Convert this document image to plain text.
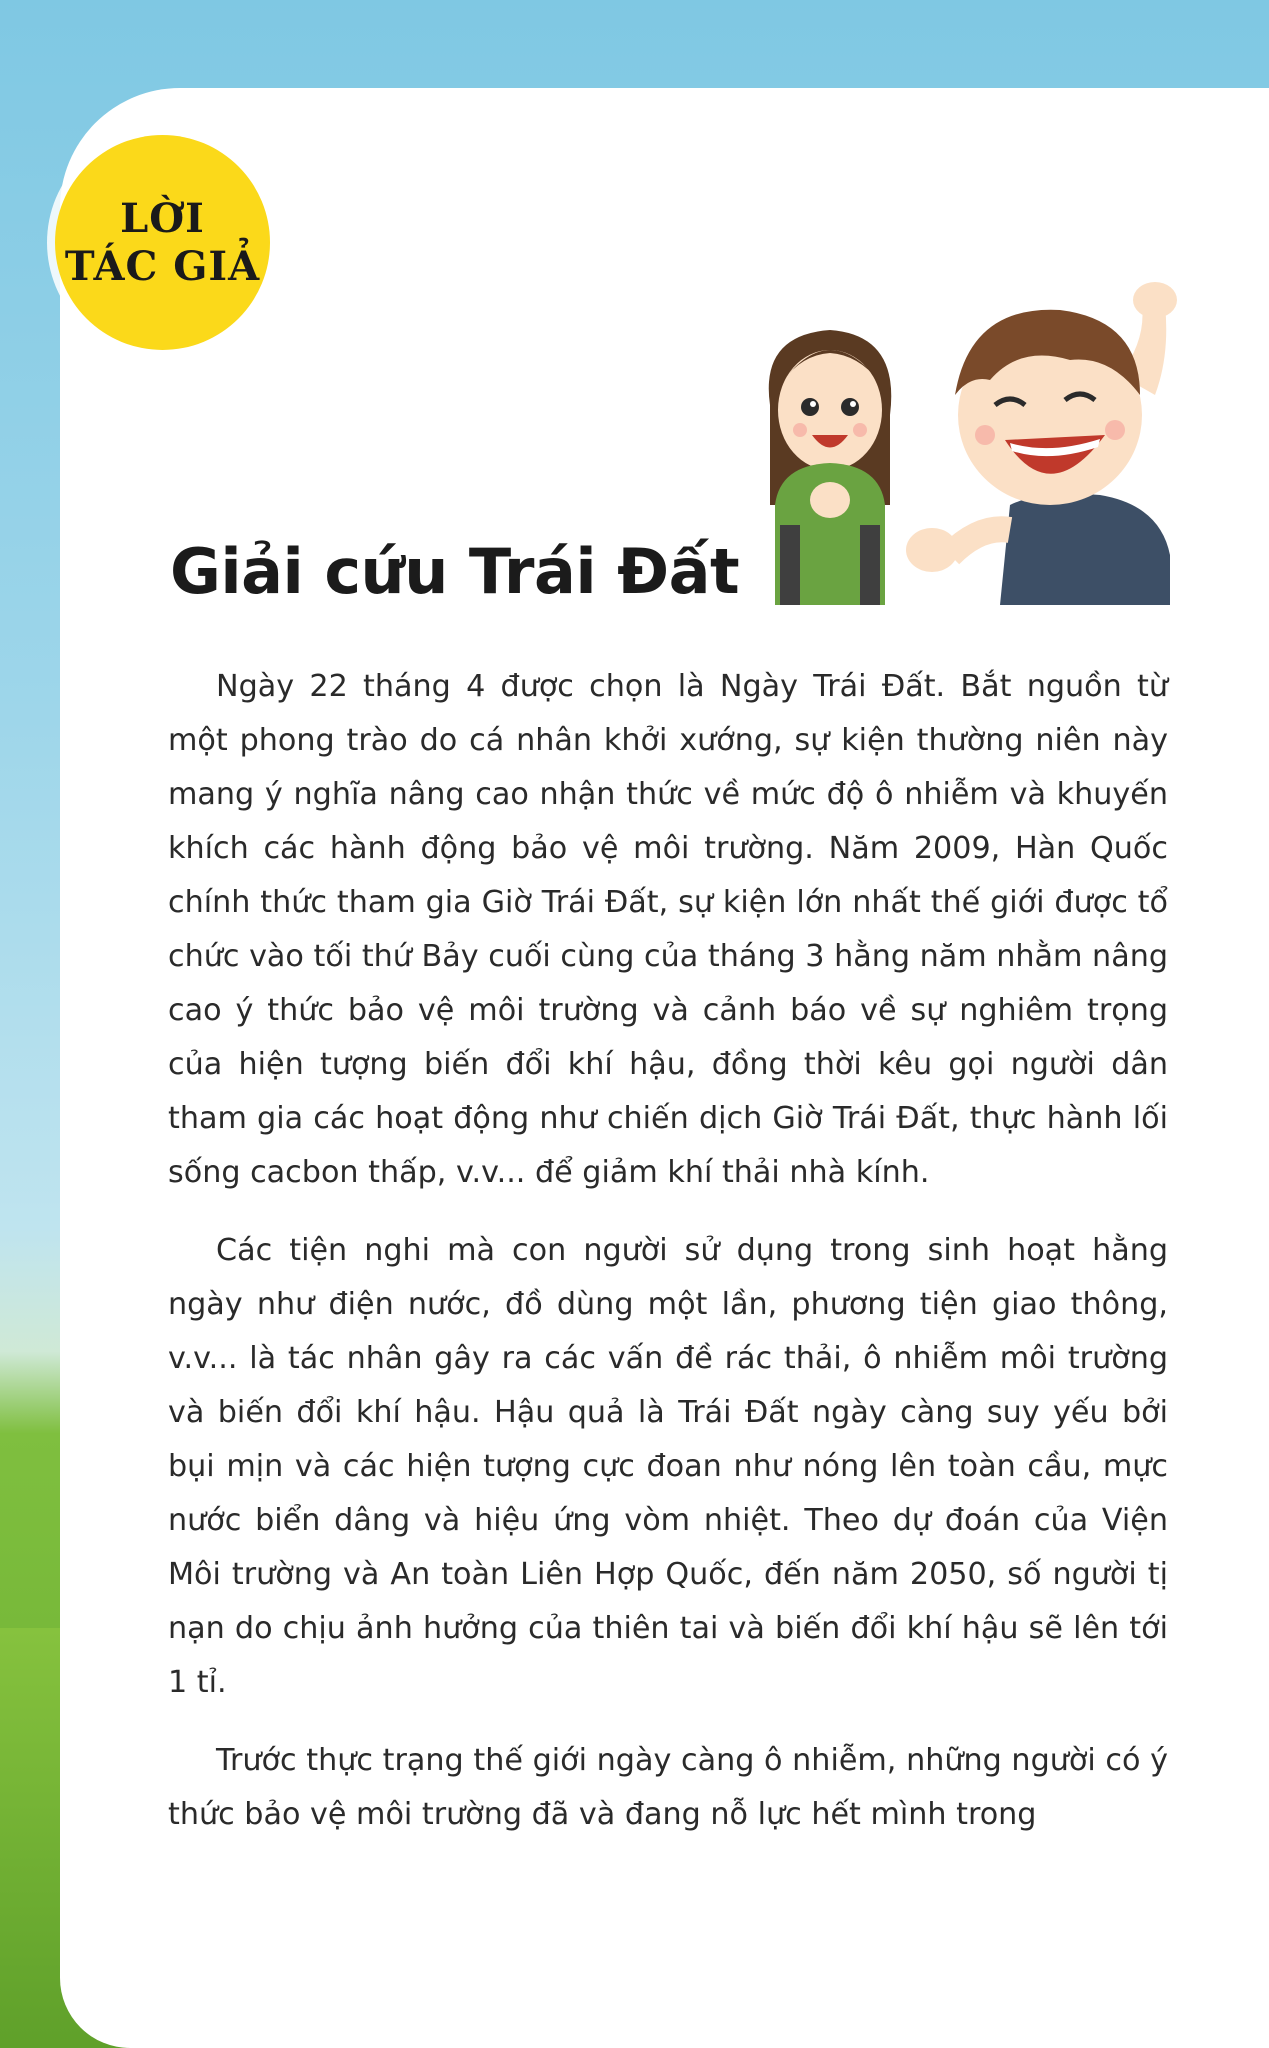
LỜI
TÁC GIẢ
Giải cứu Trái Đất

Ngày 22 tháng 4 được chọn là Ngày Trái Đất. Bắt nguồn từ một phong trào do cá nhân khởi xướng, sự kiện thường niên này mang ý nghĩa nâng cao nhận thức về mức độ ô nhiễm và khuyến khích các hành động bảo vệ môi trường. Năm 2009, Hàn Quốc chính thức tham gia Giờ Trái Đất, sự kiện lớn nhất thế giới được tổ chức vào tối thứ Bảy cuối cùng của tháng 3 hằng năm nhằm nâng cao ý thức bảo vệ môi trường và cảnh báo về sự nghiêm trọng của hiện tượng biến đổi khí hậu, đồng thời kêu gọi người dân tham gia các hoạt động như chiến dịch Giờ Trái Đất, thực hành lối sống cacbon thấp, v.v... để giảm khí thải nhà kính.

Các tiện nghi mà con người sử dụng trong sinh hoạt hằng ngày như điện nước, đồ dùng một lần, phương tiện giao thông, v.v... là tác nhân gây ra các vấn đề rác thải, ô nhiễm môi trường và biến đổi khí hậu. Hậu quả là Trái Đất ngày càng suy yếu bởi bụi mịn và các hiện tượng cực đoan như nóng lên toàn cầu, mực nước biển dâng và hiệu ứng vòm nhiệt. Theo dự đoán của Viện Môi trường và An toàn Liên Hợp Quốc, đến năm 2050, số người tị nạn do chịu ảnh hưởng của thiên tai và biến đổi khí hậu sẽ lên tới 1 tỉ.

Trước thực trạng thế giới ngày càng ô nhiễm, những người có ý thức bảo vệ môi trường đã và đang nỗ lực hết mình trong
